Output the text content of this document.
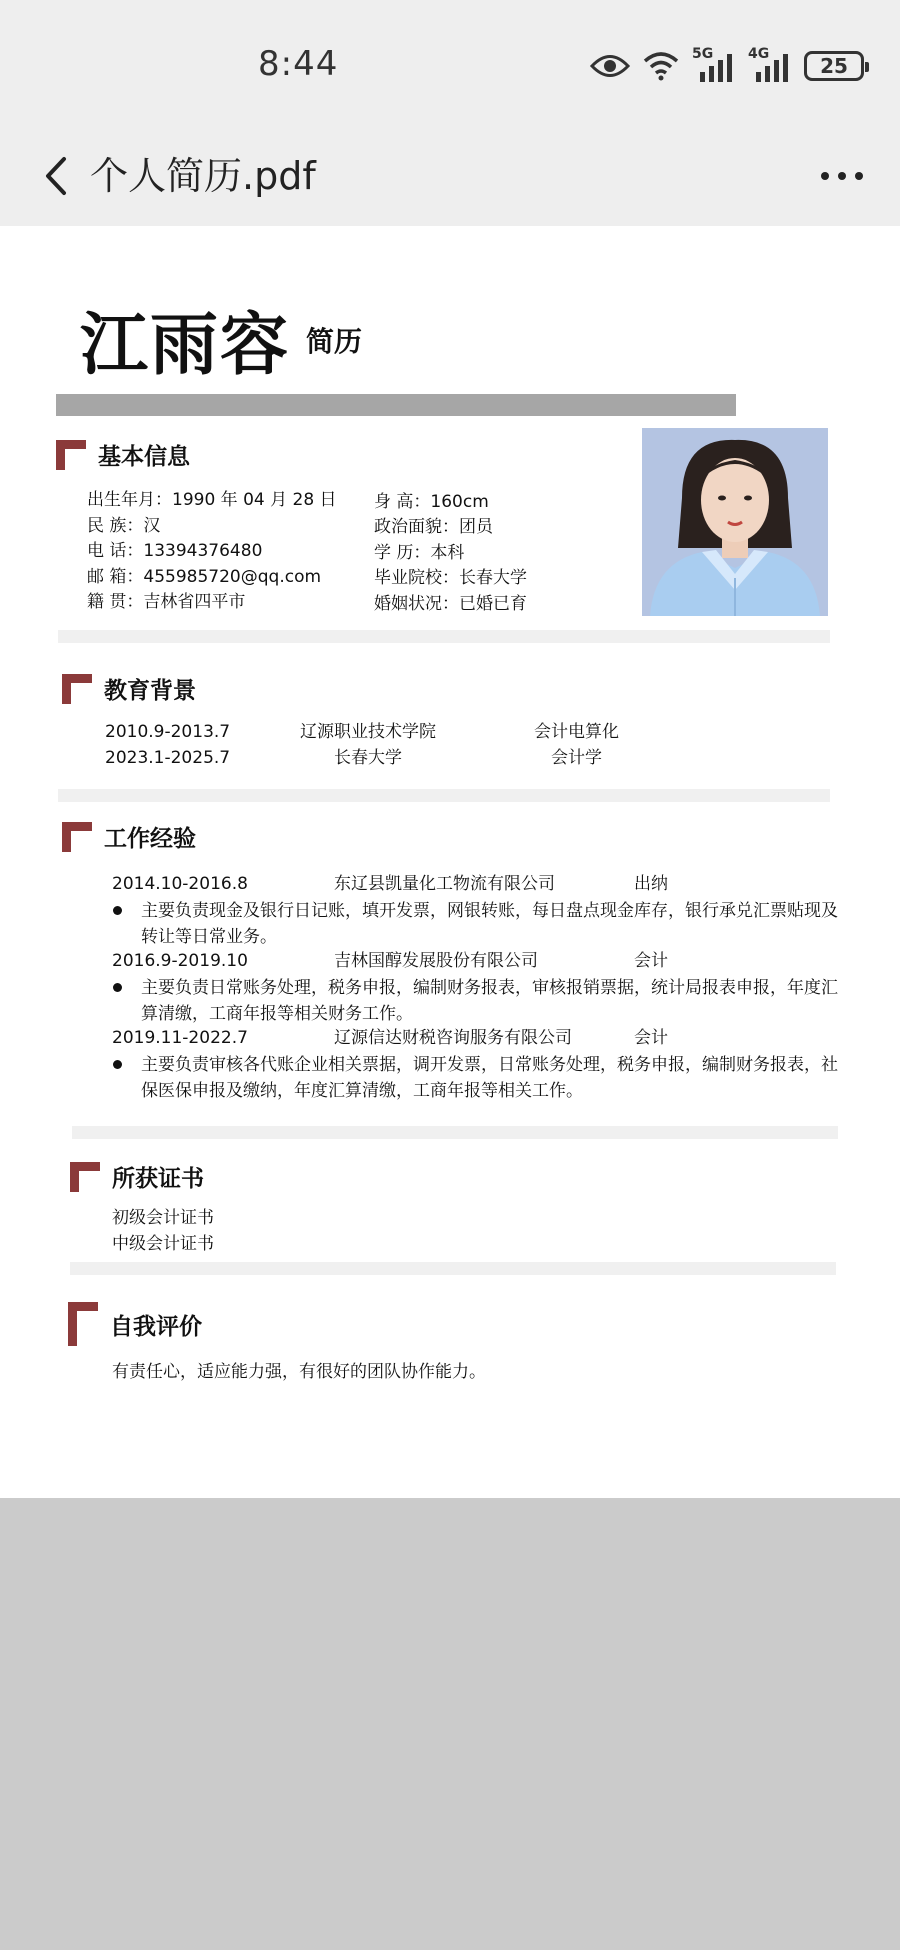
8:44	5G 4G	25
个人简历.pdf
江雨容 简历
基本信息
出生年月：1990 年 04 月 28 日
民 族：汉
电 话：13394376480
邮 箱：455985720@qq.com
籍 贯：吉林省四平市
身 高：160cm
政治面貌：团员
学 历：本科
毕业院校：长春大学
婚姻状况：已婚已育
教育背景
2010.9-2013.7	辽源职业技术学院	会计电算化
2023.1-2025.7	长春大学	会计学
工作经验
2014.10-2016.8	东辽县凯量化工物流有限公司	出纳
主要负责现金及银行日记账，填开发票，网银转账，每日盘点现金库存，银行承兑汇票贴现及转让等日常业务。
2016.9-2019.10	吉林国醇发展股份有限公司	会计
主要负责日常账务处理，税务申报，编制财务报表，审核报销票据，统计局报表申报，年度汇算清缴，工商年报等相关财务工作。
2019.11-2022.7	辽源信达财税咨询服务有限公司	会计
主要负责审核各代账企业相关票据，调开发票，日常账务处理，税务申报，编制财务报表，社保医保申报及缴纳，年度汇算清缴，工商年报等相关工作。
所获证书
初级会计证书
中级会计证书
自我评价
有责任心，适应能力强，有很好的团队协作能力。
